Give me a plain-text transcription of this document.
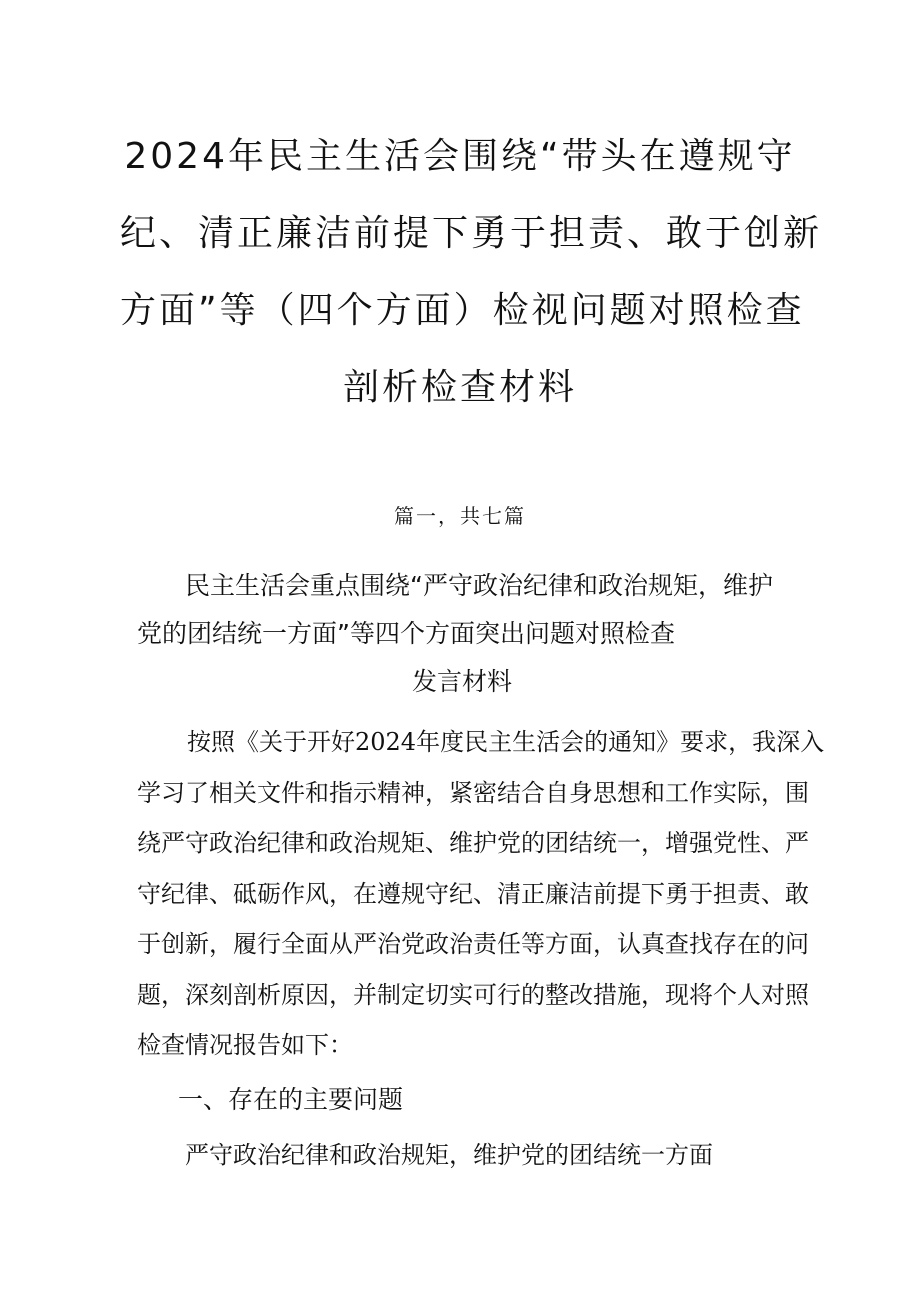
2024年民主生活会围绕“带头在遵规守
纪、清正廉洁前提下勇于担责、敢于创新
方面”等（四个方面）检视问题对照检查
剖析检查材料
篇一，共七篇
民主生活会重点围绕“严守政治纪律和政治规矩，维护
党的团结统一方面”等四个方面突出问题对照检查
发言材料
按照《关于开好2024年度民主生活会的通知》要求，我深入
学习了相关文件和指示精神，紧密结合自身思想和工作实际，围
绕严守政治纪律和政治规矩、维护党的团结统一，增强党性、严
守纪律、砥砺作风，在遵规守纪、清正廉洁前提下勇于担责、敢
于创新，履行全面从严治党政治责任等方面，认真查找存在的问
题，深刻剖析原因，并制定切实可行的整改措施，现将个人对照
检查情况报告如下：
一、存在的主要问题
严守政治纪律和政治规矩，维护党的团结统一方面
